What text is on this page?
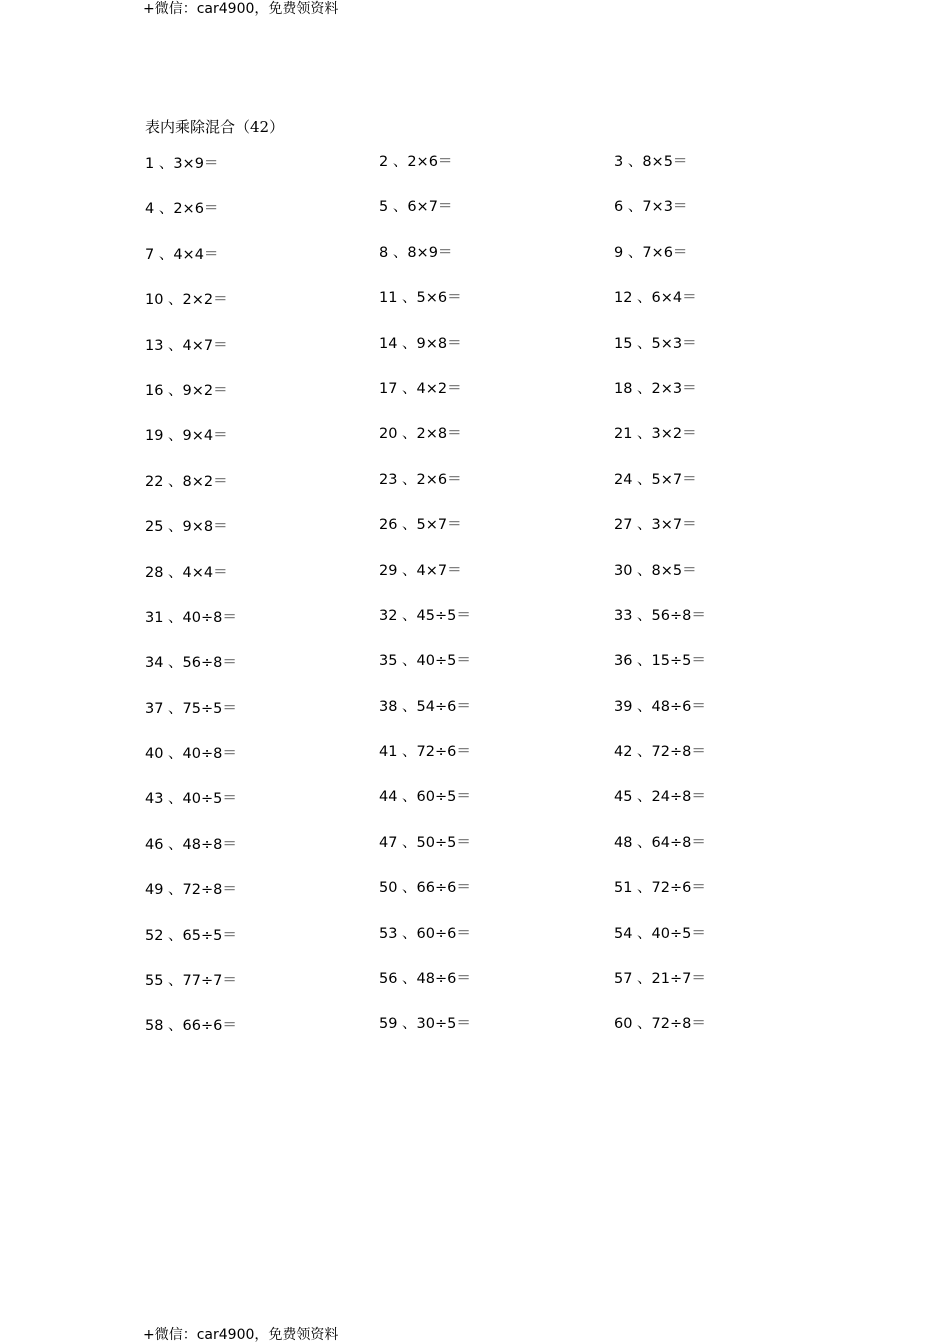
+微信：car4900，免费领资料
表内乘除混合（42）
1 、3×9＝	2 、2×6＝	3 、8×5＝
4 、2×6＝	5 、6×7＝	6 、7×3＝
7 、4×4＝	8 、8×9＝	9 、7×6＝
10 、2×2＝	11 、5×6＝	12 、6×4＝
13 、4×7＝	14 、9×8＝	15 、5×3＝
16 、9×2＝	17 、4×2＝	18 、2×3＝
19 、9×4＝	20 、2×8＝	21 、3×2＝
22 、8×2＝	23 、2×6＝	24 、5×7＝
25 、9×8＝	26 、5×7＝	27 、3×7＝
28 、4×4＝	29 、4×7＝	30 、8×5＝
31 、40÷8＝	32 、45÷5＝	33 、56÷8＝
34 、56÷8＝	35 、40÷5＝	36 、15÷5＝
37 、75÷5＝	38 、54÷6＝	39 、48÷6＝
40 、40÷8＝	41 、72÷6＝	42 、72÷8＝
43 、40÷5＝	44 、60÷5＝	45 、24÷8＝
46 、48÷8＝	47 、50÷5＝	48 、64÷8＝
49 、72÷8＝	50 、66÷6＝	51 、72÷6＝
52 、65÷5＝	53 、60÷6＝	54 、40÷5＝
55 、77÷7＝	56 、48÷6＝	57 、21÷7＝
58 、66÷6＝	59 、30÷5＝	60 、72÷8＝
+微信：car4900，免费领资料
